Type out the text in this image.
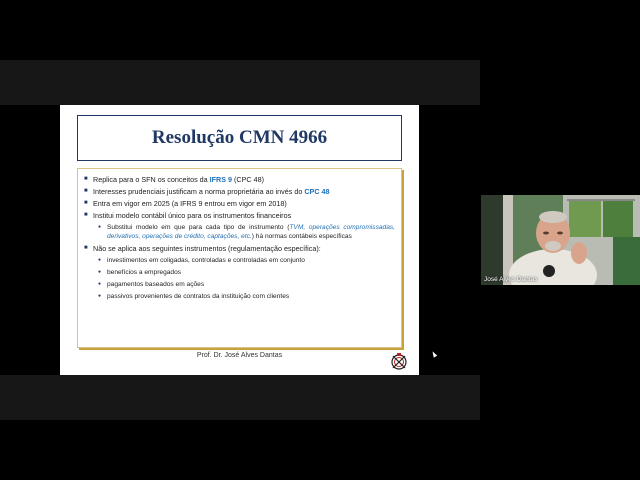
Resolução CMN 4966
■ Replica para o SFN os conceitos da IFRS 9 (CPC 48)
■ Interesses prudenciais justificam a norma proprietária ao invés do CPC 48
■ Entra em vigor em 2025 (a IFRS 9 entrou em vigor em 2018)
■ Institui modelo contábil único para os instrumentos financeiros
● Substitui modelo em que para cada tipo de instrumento (TVM, operações compromissadas, derivativos, operações de crédito, captações, etc.) há normas contábeis específicas
■ Não se aplica aos seguintes instrumentos (regulamentação específica):
● investimentos em coligadas, controladas e controladas em conjunto
● benefícios a empregados
● pagamentos baseados em ações
● passivos provenientes de contratos da instituição com clientes
Prof. Dr. José Alves Dantas
José Alves Dantas
